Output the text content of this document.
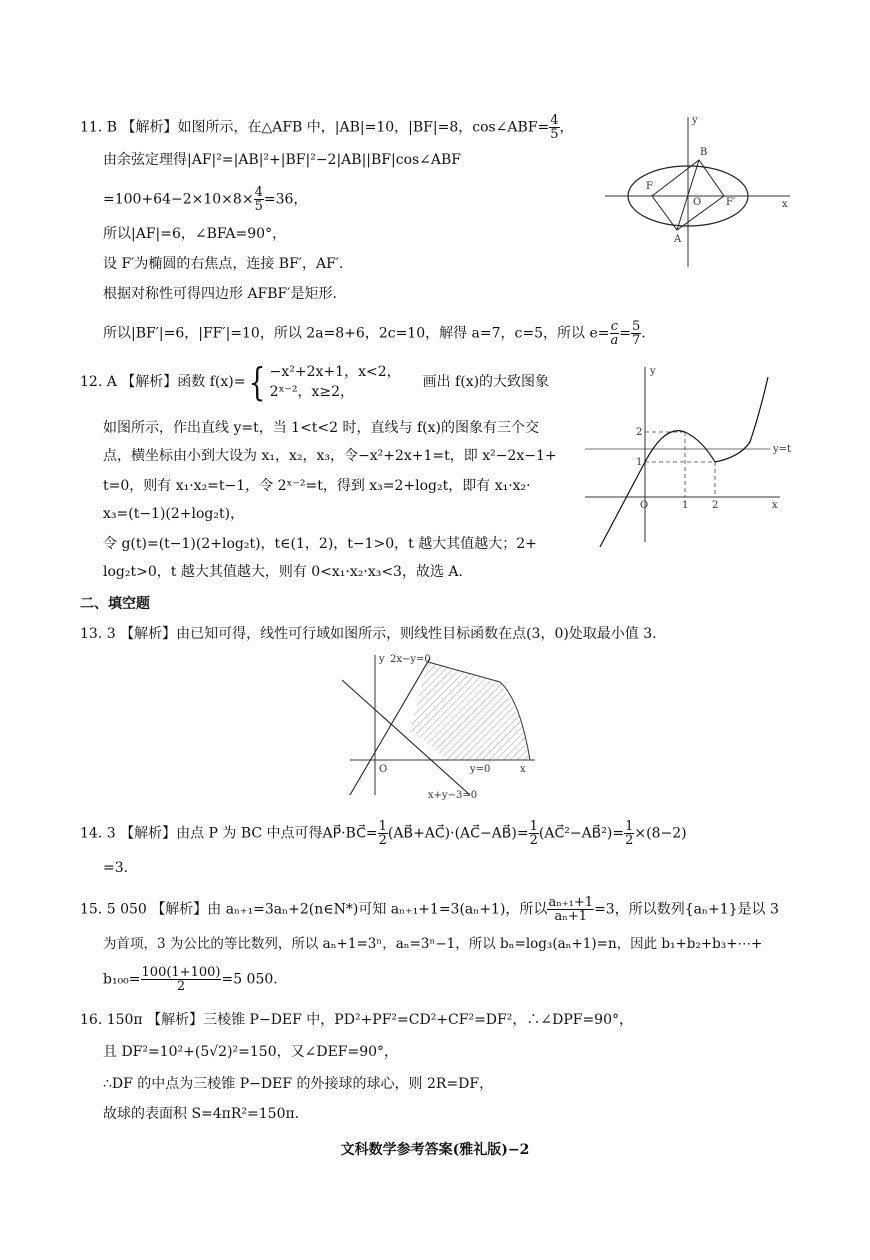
11. B 【解析】如图所示，在△AFB 中，|AB|=10，|BF|=8，cos∠ABF= $\frac{4}{5}$ ，
由余弦定理得|AF|²=|AB|²+|BF|²−2|AB||BF|cos∠ABF
$=100+64-2\times 10\times 8\times \frac{4}{5} =36$，
所以|AF|=6，∠BFA=90°，
设 F′为椭圆的右焦点，连接 BF′，AF′.
根据对称性可得四边形 AFBF′是矩形.
所以|BF′|=6，|FF′|=10，所以 2a=8+6，2c=10，解得 a=7，c=5，所以 $e= \frac{c}{a} = \frac{5}{7}$ .
y
x
B
F
O F′
A
12. A 【解析】函数 f(x)={ −x²+2x+1，x<2，
2ˣ⁻²，x≥2，
画出 f(x)的大致图象
如图所示，作出直线 y=t，当 1<t<2 时，直线与 f(x)的图象有三个交
点，横坐标由小到大设为 x₁，x₂，x₃，令−x²+2x+1=t，即 x²−2x−1+
t=0，则有 x₁·x₂=t−1，令 2ˣ⁻²=t，得到 x₃=2+log₂t，即有 x₁·x₂·
x₃=(t−1)(2+log₂t)，
令 g(t)=(t−1)(2+log₂t)，t∈(1，2)，t−1>0，t 越大其值越大；2+
log₂t>0，t 越大其值越大，则有 0<x₁·x₂·x₃<3，故选 A.
y
x
O
2
1
y=t
1 2
二、填空题
13. 3 【解析】由已知可得，线性可行域如图所示，则线性目标函数在点(3，0)处取最小值 3.
y 2x−y=0
O	y=0	x
x+y−3=0
14. 3 【解析】由点 P 为 BC 中点可得AP⃗·BC⃗= $\frac{1}{2}$ (AB⃗+AC⃗)·(AC⃗−AB⃗)= $\frac{1}{2}$ (AC⃗²−AB⃗²)= $\frac{1}{2} \times(8-2)$
=3.
15. 5 050 【解析】由 aₙ₊₁=3aₙ+2(n∈N*)可知 aₙ₊₁+1=3(aₙ+1)，所以 $\frac{\text{aₙ₊₁+1}}{\text{aₙ+1}} =3$，所以数列{aₙ+1}是以 3
为首项，3 为公比的等比数列，所以 aₙ+1=3ⁿ，aₙ=3ⁿ−1，所以 bₙ=log₃(aₙ+1)=n，因此 b₁+b₂+b₃+⋯+
$b_{100}= \frac{100(1+100)}{2} =5$ 050.
16. 150π 【解析】三棱锥 P−DEF 中，PD²+PF²=CD²+CF²=DF²，∴∠DPF=90°，
且 DF²=10²+(5√2)²=150，又∠DEF=90°，
∴DF 的中点为三棱锥 P−DEF 的外接球的球心，则 2R=DF，
故球的表面积 S=4πR²=150π.
文科数学参考答案(雅礼版)−2
